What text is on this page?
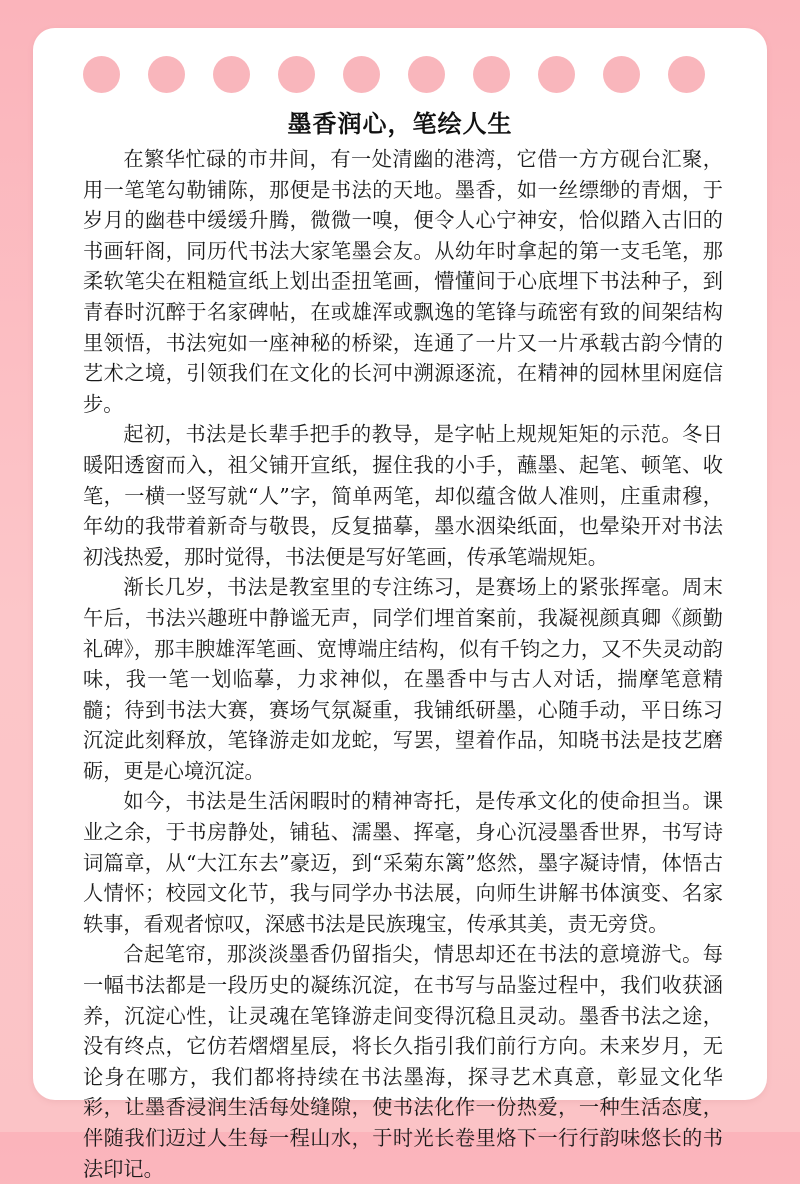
墨香润心，笔绘人生

在繁华忙碌的市井间，有一处清幽的港湾，它借一方方砚台汇聚，用一笔笔勾勒铺陈，那便是书法的天地。墨香，如一丝缥缈的青烟，于岁月的幽巷中缓缓升腾，微微一嗅，便令人心宁神安，恰似踏入古旧的书画轩阁，同历代书法大家笔墨会友。从幼年时拿起的第一支毛笔，那柔软笔尖在粗糙宣纸上划出歪扭笔画，懵懂间于心底埋下书法种子，到青春时沉醉于名家碑帖，在或雄浑或飘逸的笔锋与疏密有致的间架结构里领悟，书法宛如一座神秘的桥梁，连通了一片又一片承载古韵今情的艺术之境，引领我们在文化的长河中溯源逐流，在精神的园林里闲庭信步。

起初，书法是长辈手把手的教导，是字帖上规规矩矩的示范。冬日暖阳透窗而入，祖父铺开宣纸，握住我的小手，蘸墨、起笔、顿笔、收笔，一横一竖写就“人”字，简单两笔，却似蕴含做人准则，庄重肃穆，年幼的我带着新奇与敬畏，反复描摹，墨水洇染纸面，也晕染开对书法初浅热爱，那时觉得，书法便是写好笔画，传承笔端规矩。

渐长几岁，书法是教室里的专注练习，是赛场上的紧张挥毫。周末午后，书法兴趣班中静谧无声，同学们埋首案前，我凝视颜真卿《颜勤礼碑》，那丰腴雄浑笔画、宽博端庄结构，似有千钧之力，又不失灵动韵味，我一笔一划临摹，力求神似，在墨香中与古人对话，揣摩笔意精髓；待到书法大赛，赛场气氛凝重，我铺纸研墨，心随手动，平日练习沉淀此刻释放，笔锋游走如龙蛇，写罢，望着作品，知晓书法是技艺磨砺，更是心境沉淀。

如今，书法是生活闲暇时的精神寄托，是传承文化的使命担当。课业之余，于书房静处，铺毡、濡墨、挥毫，身心沉浸墨香世界，书写诗词篇章，从“大江东去”豪迈，到“采菊东篱”悠然，墨字凝诗情，体悟古人情怀；校园文化节，我与同学办书法展，向师生讲解书体演变、名家轶事，看观者惊叹，深感书法是民族瑰宝，传承其美，责无旁贷。

合起笔帘，那淡淡墨香仍留指尖，情思却还在书法的意境游弋。每一幅书法都是一段历史的凝练沉淀，在书写与品鉴过程中，我们收获涵养，沉淀心性，让灵魂在笔锋游走间变得沉稳且灵动。墨香书法之途，没有终点，它仿若熠熠星辰，将长久指引我们前行方向。未来岁月，无论身在哪方，我们都将持续在书法墨海，探寻艺术真意，彰显文化华彩，让墨香浸润生活每处缝隙，使书法化作一份热爱，一种生活态度，伴随我们迈过人生每一程山水，于时光长卷里烙下一行行韵味悠长的书法印记。
